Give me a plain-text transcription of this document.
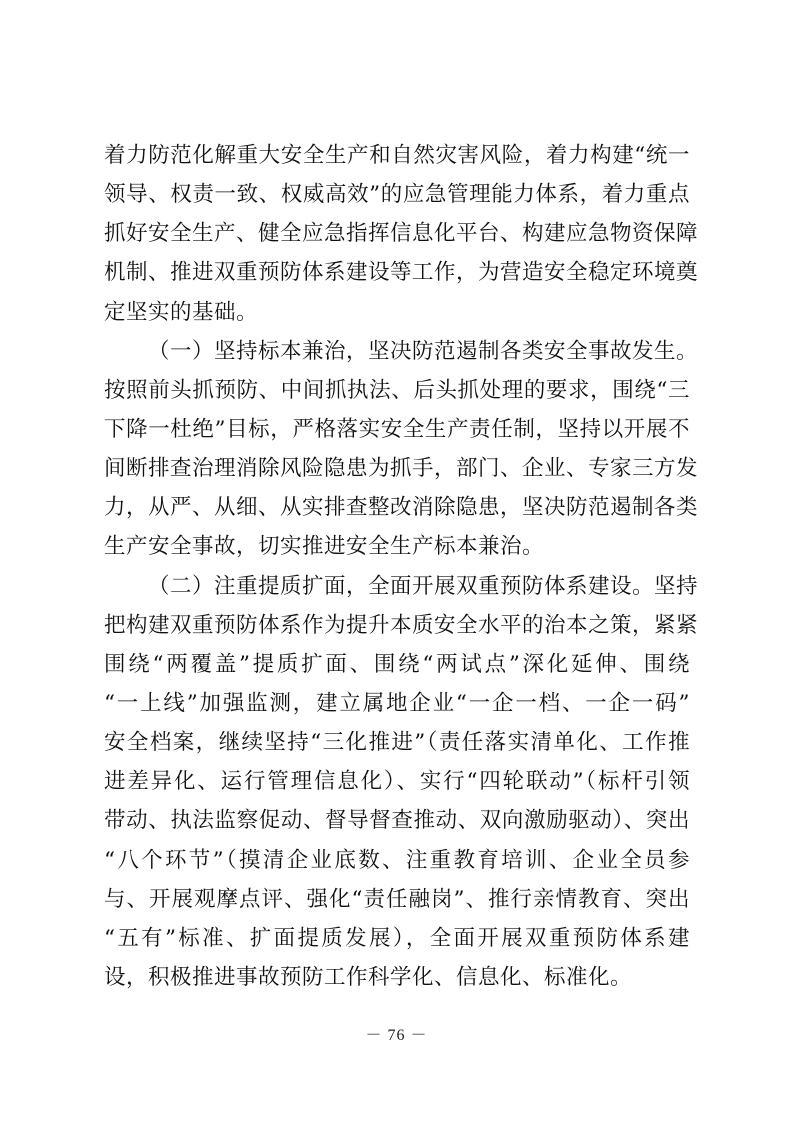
着力防范化解重大安全生产和自然灾害风险，着力构建“统一
领导、权责一致、权威高效”的应急管理能力体系，着力重点
抓好安全生产、健全应急指挥信息化平台、构建应急物资保障
机制、推进双重预防体系建设等工作，为营造安全稳定环境奠
定坚实的基础。
（一）坚持标本兼治，坚决防范遏制各类安全事故发生。
按照前头抓预防、中间抓执法、后头抓处理的要求，围绕“三
下降一杜绝”目标，严格落实安全生产责任制，坚持以开展不
间断排查治理消除风险隐患为抓手，部门、企业、专家三方发
力，从严、从细、从实排查整改消除隐患，坚决防范遏制各类
生产安全事故，切实推进安全生产标本兼治。
（二）注重提质扩面，全面开展双重预防体系建设。坚持
把构建双重预防体系作为提升本质安全水平的治本之策，紧紧
围绕“两覆盖”提质扩面、围绕“两试点”深化延伸、围绕
“一上线”加强监测，建立属地企业“一企一档、一企一码”
安全档案，继续坚持“三化推进”（责任落实清单化、工作推
进差异化、运行管理信息化）、实行“四轮联动”（标杆引领
带动、执法监察促动、督导督查推动、双向激励驱动）、突出
“八个环节”（摸清企业底数、注重教育培训、企业全员参
与、开展观摩点评、强化“责任融岗”、推行亲情教育、突出
“五有”标准、扩面提质发展），全面开展双重预防体系建
设，积极推进事故预防工作科学化、信息化、标准化。
－ 76 －
